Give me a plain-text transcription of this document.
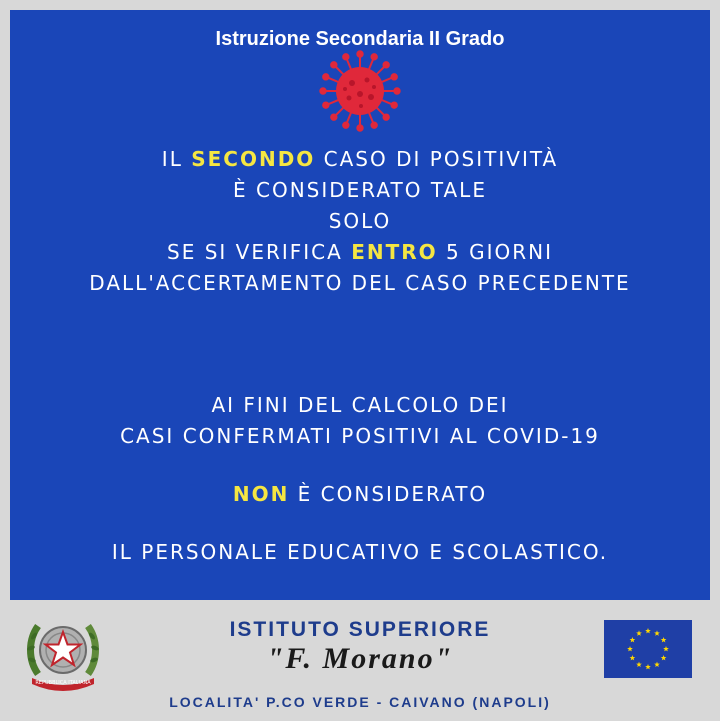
Istruzione Secondaria II Grado
IL SECONDO CASO DI POSITIVITÀ
È CONSIDERATO TALE
SOLO
SE SI VERIFICA ENTRO 5 GIORNI
DALL'ACCERTAMENTO DEL CASO PRECEDENTE
AI FINI DEL CALCOLO DEI
CASI CONFERMATI POSITIVI AL COVID-19
NON È CONSIDERATO
IL PERSONALE EDUCATIVO E SCOLASTICO.
REPUBBLICA ITALIANA
ISTITUTO SUPERIORE
"F. Morano"
LOCALITA' P.CO VERDE - CAIVANO (NAPOLI)
